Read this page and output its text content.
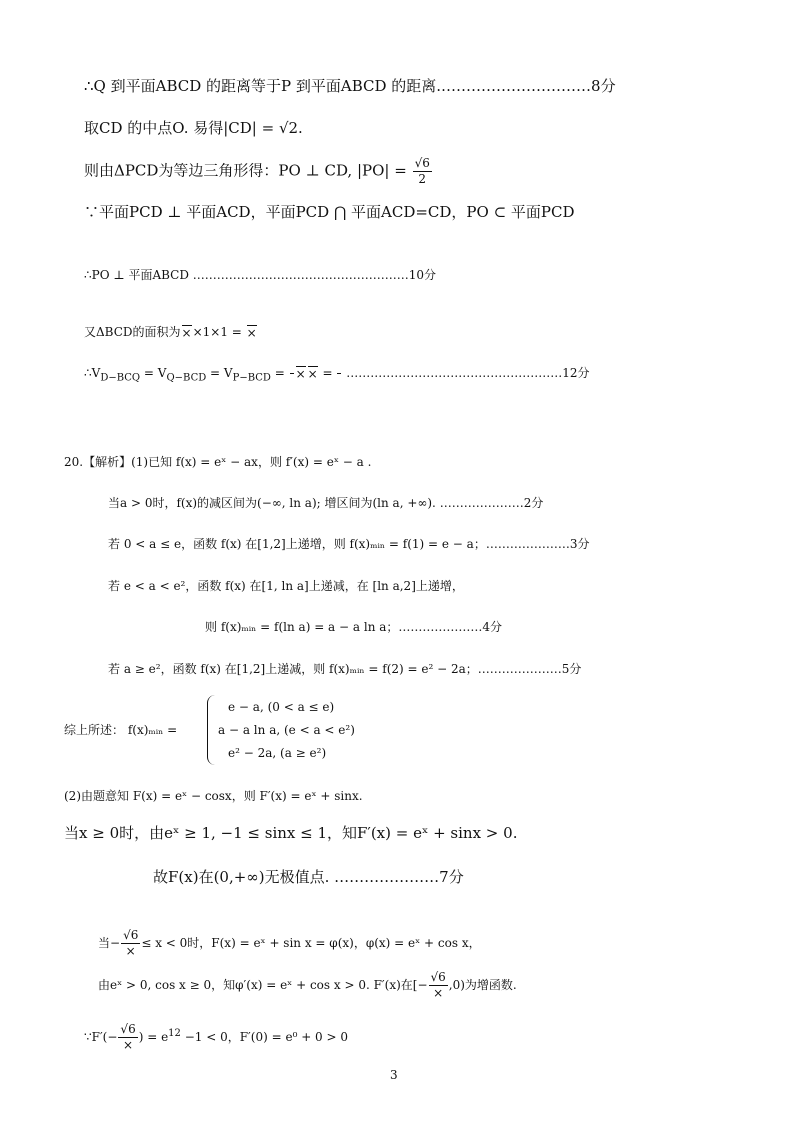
∴Q 到平面ABCD 的距离等于P 到平面ABCD 的距离.…………………………8分
取CD 的中点O. 易得|CD| = √2.
则由ΔPCD为等边三角形得：PO ⊥ CD, $|PO| = \frac{√6}{2}$
∵平面PCD ⊥ 平面ACD，平面PCD ⋂ 平面ACD=CD，PO ⊂ 平面PCD
∴PO ⊥ 平面ABCD ………………………………………………10分
又ΔBCD的面积为 × ×1×1 = ×
$\therefore V_{D-BCQ} = V_{Q-BCD} = V_{P-BCD}$ = × × =
………………………………………………12分
20.【解析】(1)已知 f(x) = eˣ − ax，则 f′(x) = eˣ − a .
当a > 0时，f(x)的减区间为(−∞, ln a); 增区间为(ln a, +∞). …………………2分
若 0 < a ≤ e，函数 f(x) 在[1,2]上递增，则 f(x)ₘᵢₙ = f(1) = e − a；…………………3分
若 e < a < e²，函数 f(x) 在[1, ln a]上递减，在 [ln a,2]上递增，
则 f(x)ₘᵢₙ = f(ln a) = a − a ln a；…………………4分
若 a ≥ e²，函数 f(x) 在[1,2]上递减，则 f(x)ₘᵢₙ = f(2) = e² − 2a；…………………5分
综上所述： f(x)ₘᵢₙ =
e − a, (0 < a ≤ e)
a − a ln a, (e < a < e²)
e² − 2a, (a ≥ e²)
(2)由题意知 F(x) = eˣ − cosx，则 F′(x) = eˣ + sinx.
当x ≥ 0时，由eˣ ≥ 1, −1 ≤ sinx ≤ 1，知F′(x) = eˣ + sinx > 0.
故F(x)在(0,+∞)无极值点. …………………7分
当− $\frac{√6}{\times} \le x < 0$时，F(x) = eˣ + sin x = φ(x)，φ(x) = eˣ + cos x，
由eˣ > 0, cos x ≥ 0，知φ′(x) = eˣ + cos x > 0. F′(x)在[− $\frac{√6}{\times} ,0$)为增函数.
∵F′(− $\frac{√6}{\times}$ ) = $e^{12} -1 < 0$，F′(0) = e⁰ + 0 > 0
3
